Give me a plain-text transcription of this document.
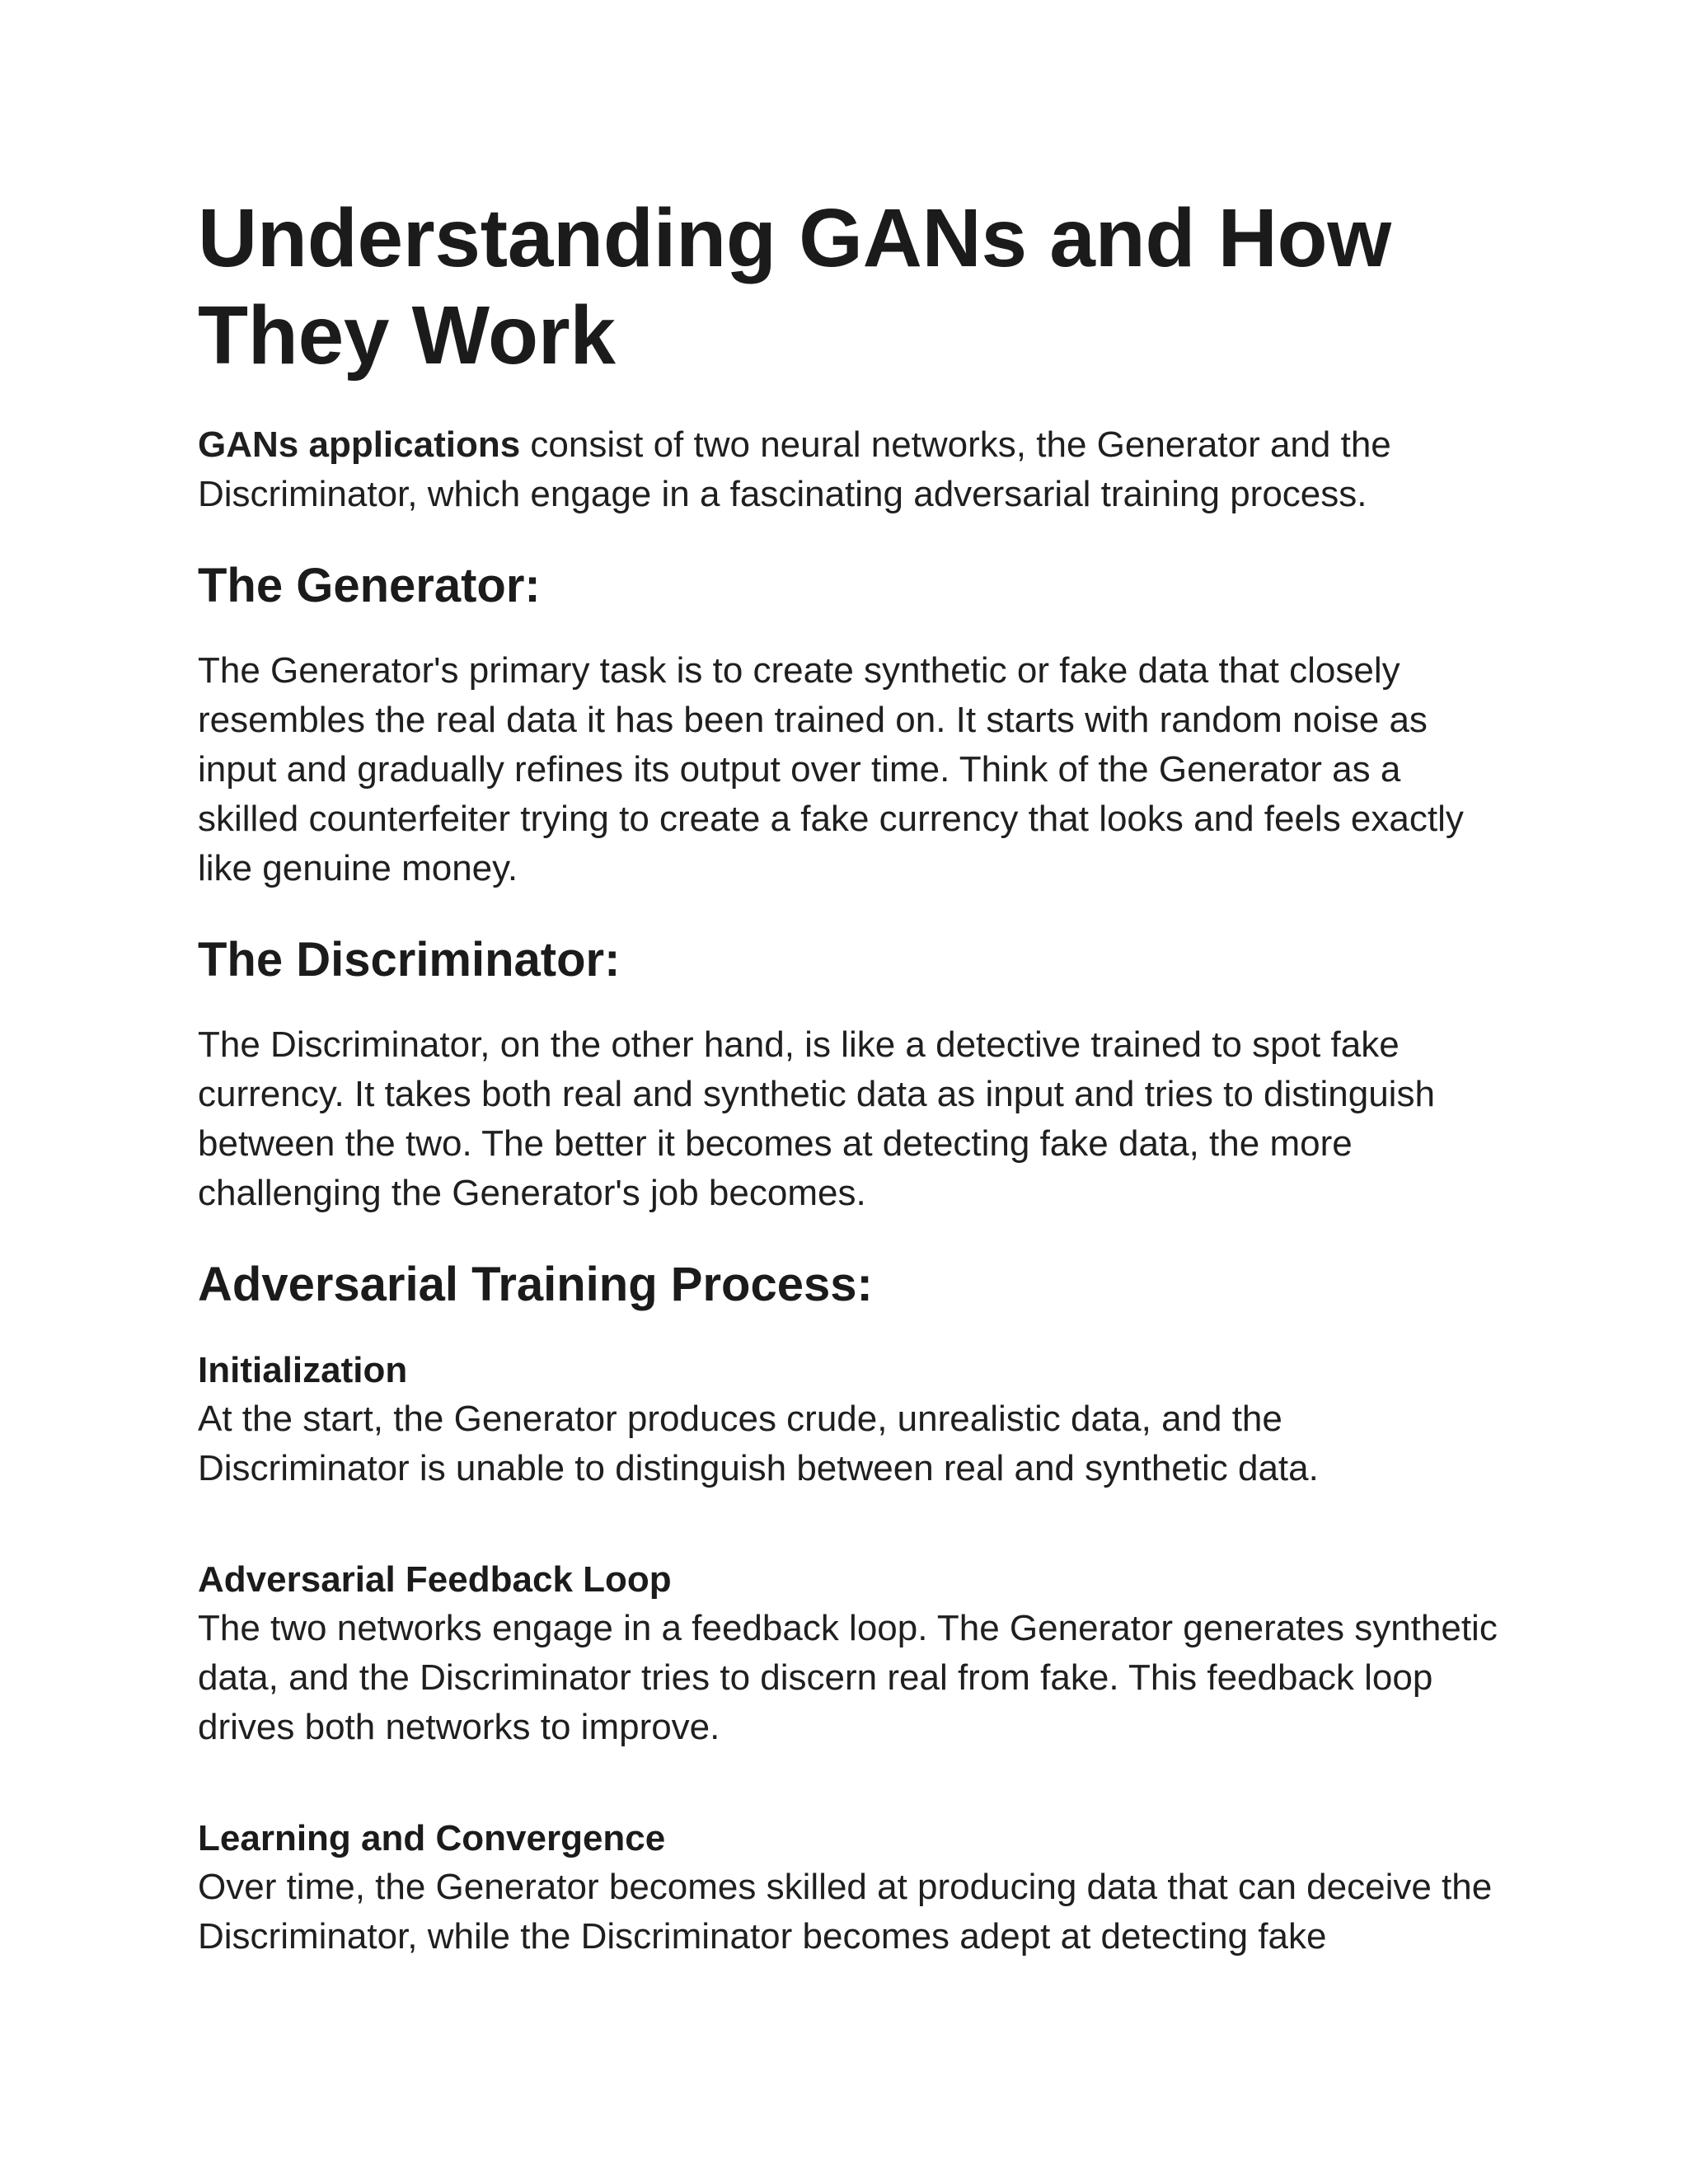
Understanding GANs and How They Work

GANs applications consist of two neural networks, the Generator and the Discriminator, which engage in a fascinating adversarial training process.

The Generator:

The Generator's primary task is to create synthetic or fake data that closely resembles the real data it has been trained on. It starts with random noise as input and gradually refines its output over time. Think of the Generator as a skilled counterfeiter trying to create a fake currency that looks and feels exactly like genuine money.

The Discriminator:

The Discriminator, on the other hand, is like a detective trained to spot fake currency. It takes both real and synthetic data as input and tries to distinguish between the two. The better it becomes at detecting fake data, the more challenging the Generator's job becomes.

Adversarial Training Process:
Initialization

At the start, the Generator produces crude, unrealistic data, and the Discriminator is unable to distinguish between real and synthetic data.

Adversarial Feedback Loop

The two networks engage in a feedback loop. The Generator generates synthetic data, and the Discriminator tries to discern real from fake. This feedback loop drives both networks to improve.

Learning and Convergence

Over time, the Generator becomes skilled at producing data that can deceive the Discriminator, while the Discriminator becomes adept at detecting fake
